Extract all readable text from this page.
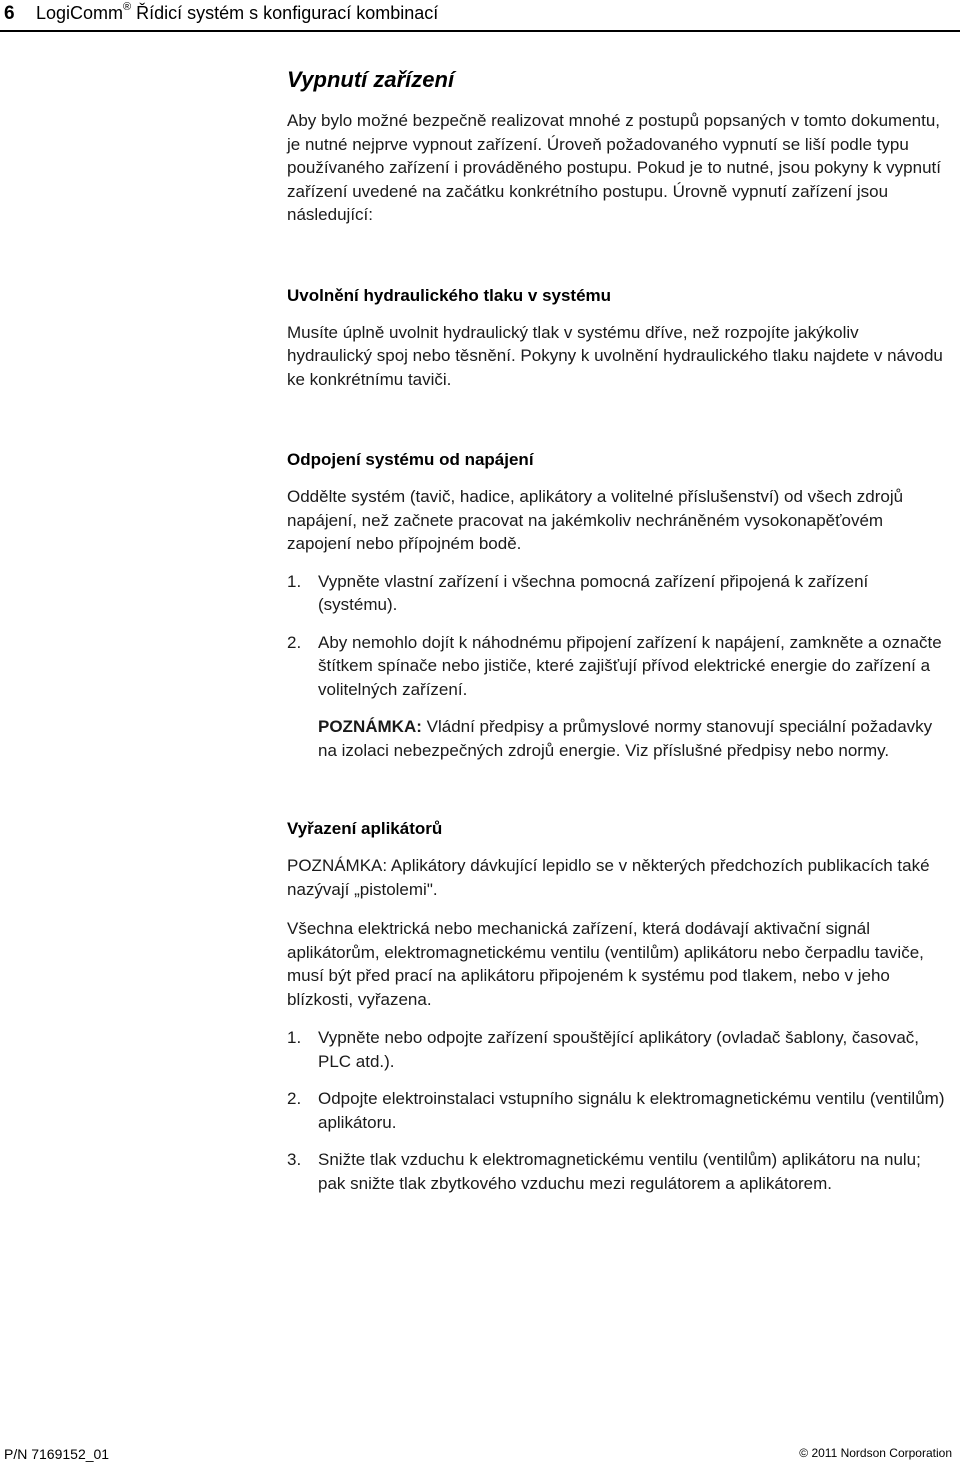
6 LogiComm® Řídicí systém s konfigurací kombinací
Vypnutí zařízení

Aby bylo možné bezpečně realizovat mnohé z postupů popsaných v tomto dokumentu, je nutné nejprve vypnout zařízení. Úroveň požadovaného vypnutí se liší podle typu používaného zařízení i prováděného postupu. Pokud je to nutné, jsou pokyny k vypnutí zařízení uvedené na začátku konkrétního postupu. Úrovně vypnutí zařízení jsou následující:

Uvolnění hydraulického tlaku v systému

Musíte úplně uvolnit hydraulický tlak v systému dříve, než rozpojíte jakýkoliv hydraulický spoj nebo těsnění. Pokyny k uvolnění hydraulického tlaku najdete v návodu ke konkrétnímu taviči.

Odpojení systému od napájení

Oddělte systém (tavič, hadice, aplikátory a volitelné příslušenství) od všech zdrojů napájení, než začnete pracovat na jakémkoliv nechráněném vysokonapěťovém zapojení nebo přípojném bodě.

1. Vypněte vlastní zařízení i všechna pomocná zařízení připojená k zařízení (systému).
2. Aby nemohlo dojít k náhodnému připojení zařízení k napájení, zamkněte a označte štítkem spínače nebo jističe, které zajišťují přívod elektrické energie do zařízení a volitelných zařízení.
POZNÁMKA: Vládní předpisy a průmyslové normy stanovují speciální požadavky na izolaci nebezpečných zdrojů energie. Viz příslušné předpisy nebo normy.
Vyřazení aplikátorů

POZNÁMKA: Aplikátory dávkující lepidlo se v některých předchozích publikacích také nazývají „pistolemi".

Všechna elektrická nebo mechanická zařízení, která dodávají aktivační signál aplikátorům, elektromagnetickému ventilu (ventilům) aplikátoru nebo čerpadlu taviče, musí být před prací na aplikátoru připojeném k systému pod tlakem, nebo v jeho blízkosti, vyřazena.

1. Vypněte nebo odpojte zařízení spouštějící aplikátory (ovladač šablony, časovač, PLC atd.).
2. Odpojte elektroinstalaci vstupního signálu k elektromagnetickému ventilu (ventilům) aplikátoru.
3. Snižte tlak vzduchu k elektromagnetickému ventilu (ventilům) aplikátoru na nulu; pak snižte tlak zbytkového vzduchu mezi regulátorem a aplikátorem.
P/N 7169152_01	© 2011 Nordson Corporation
